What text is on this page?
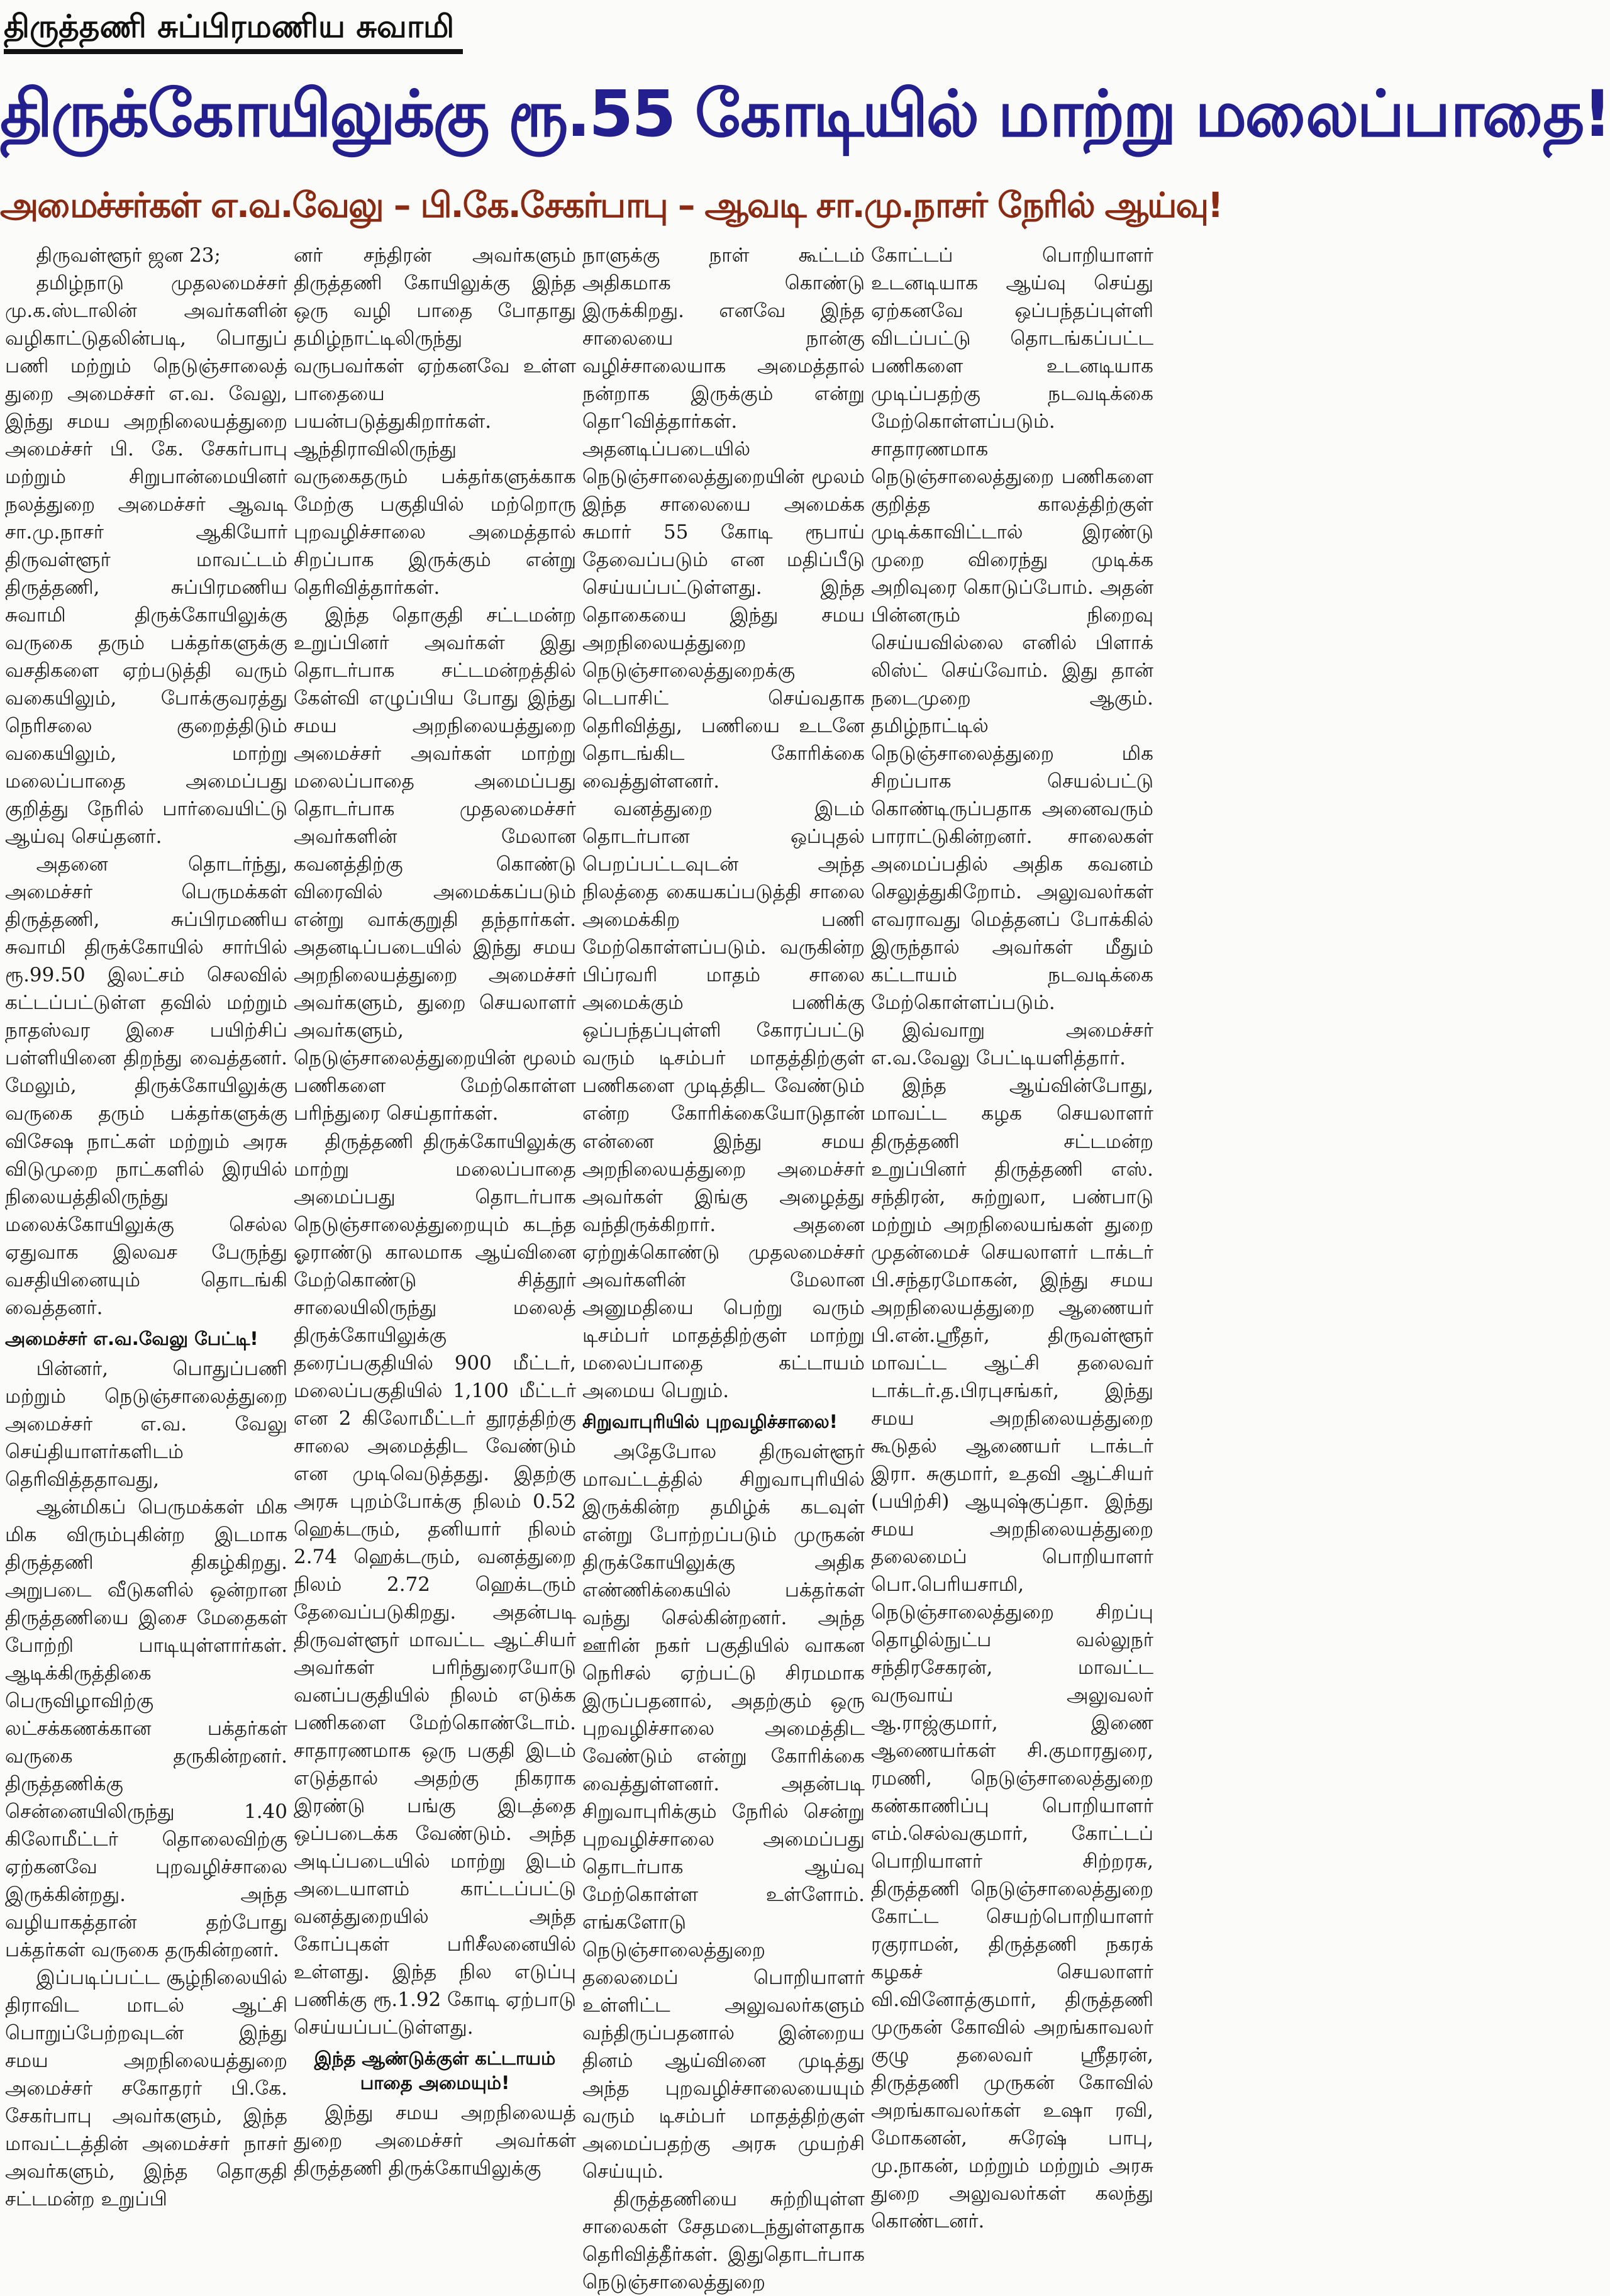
திருத்தணி சுப்பிரமணிய சுவாமி
திருக்கோயிலுக்கு ரூ.55 கோடியில் மாற்று மலைப்பாதை!
அமைச்சர்கள் எ.வ.வேலு – பி.கே.சேகர்பாபு – ஆவடி சா.மு.நாசர் நேரில் ஆய்வு!

திருவள்ளூர் ஜன 23;

தமிழ்நாடு முதலமைச்சர் மு.க.ஸ்டாலின் அவர்களின் வழிகாட்டுதலின்படி, பொதுப் பணி மற்றும் நெடுஞ்சாலைத் துறை அமைச்சர் எ.வ. வேலு, இந்து சமய அறநிலையத்துறை அமைச்சர் பி. கே. சேகர்பாபு மற்றும் சிறுபான்மையினர் நலத்துறை அமைச்சர் ஆவடி சா.மு.நாசர் ஆகியோர் திருவள்ளூர் மாவட்டம் திருத்தணி, சுப்பிரமணிய சுவாமி திருக்கோயிலுக்கு வருகை தரும் பக்தர்களுக்கு வசதிகளை ஏற்படுத்தி வரும் வகையிலும், போக்குவரத்து நெரிசலை குறைத்திடும் வகையிலும், மாற்று மலைப்பாதை அமைப்பது குறித்து நேரில் பார்வையிட்டு ஆய்வு செய்தனர்.

அதனை தொடர்ந்து, அமைச்சர் பெருமக்கள் திருத்தணி, சுப்பிரமணிய சுவாமி திருக்கோயில் சார்பில் ரூ.99.50 இலட்சம் செலவில் கட்டப்பட்டுள்ள தவில் மற்றும் நாதஸ்வர இசை பயிற்சிப் பள்ளியினை திறந்து வைத்தனர். மேலும், திருக்கோயிலுக்கு வருகை தரும் பக்தர்களுக்கு விசேஷ நாட்கள் மற்றும் அரசு விடுமுறை நாட்களில் இரயில் நிலையத்திலிருந்து மலைக்கோயிலுக்கு செல்ல ஏதுவாக இலவச பேருந்து வசதியினையும் தொடங்கி வைத்தனர்.

அமைச்சர் எ.வ.வேலு பேட்டி!

பின்னர், பொதுப்பணி மற்றும் நெடுஞ்சாலைத்துறை அமைச்சர் எ.வ. வேலு செய்தியாளர்களிடம் தெரிவித்ததாவது,

ஆன்மிகப் பெருமக்கள் மிக மிக விரும்புகின்ற இடமாக திருத்தணி திகழ்கிறது. அறுபடை வீடுகளில் ஒன்றான திருத்தணியை இசை மேதைகள் போற்றி பாடியுள்ளார்கள். ஆடிக்கிருத்திகை பெருவிழாவிற்கு லட்சக்கணக்கான பக்தர்கள் வருகை தருகின்றனர். திருத்தணிக்கு சென்னையிலிருந்து 1.40 கிலோமீட்டர் தொலைவிற்கு ஏற்கனவே புறவழிச்சாலை இருக்கின்றது. அந்த வழியாகத்தான் தற்போது பக்தர்கள் வருகை தருகின்றனர்.

இப்படிப்பட்ட சூழ்நிலையில் திராவிட மாடல் ஆட்சி பொறுப்பேற்றவுடன் இந்து சமய அறநிலையத்துறை அமைச்சர் சகோதரர் பி.கே. சேகர்பாபு அவர்களும், இந்த மாவட்டத்தின் அமைச்சர் நாசர் அவர்களும், இந்த தொகுதி சட்டமன்ற உறுப்பி

னர் சந்திரன் அவர்களும் திருத்தணி கோயிலுக்கு இந்த ஒரு வழி பாதை போதாது தமிழ்நாட்டிலிருந்து வருபவர்கள் ஏற்கனவே உள்ள பாதையை பயன்படுத்துகிறார்கள். ஆந்திராவிலிருந்து வருகைதரும் பக்தர்களுக்காக மேற்கு பகுதியில் மற்றொரு புறவழிச்சாலை அமைத்தால் சிறப்பாக இருக்கும் என்று தெரிவித்தார்கள்.

இந்த தொகுதி சட்டமன்ற உறுப்பினர் அவர்கள் இது தொடர்பாக சட்டமன்றத்தில் கேள்வி எழுப்பிய போது இந்து சமய அறநிலையத்துறை அமைச்சர் அவர்கள் மாற்று மலைப்பாதை அமைப்பது தொடர்பாக முதலமைச்சர் அவர்களின் மேலான கவனத்திற்கு கொண்டு விரைவில் அமைக்கப்படும் என்று வாக்குறுதி தந்தார்கள். அதனடிப்படையில் இந்து சமய அறநிலையத்துறை அமைச்சர் அவர்களும், துறை செயலாளர் அவர்களும், நெடுஞ்சாலைத்துறையின் மூலம் பணிகளை மேற்கொள்ள பரிந்துரை செய்தார்கள்.

திருத்தணி திருக்கோயிலுக்கு மாற்று மலைப்பாதை அமைப்பது தொடர்பாக நெடுஞ்சாலைத்துறையும் கடந்த ஓராண்டு காலமாக ஆய்வினை மேற்கொண்டு சித்தூர் சாலையிலிருந்து மலைத் திருக்கோயிலுக்கு தரைப்பகுதியில் 900 மீட்டர், மலைப்பகுதியில் 1,100 மீட்டர் என 2 கிலோமீட்டர் தூரத்திற்கு சாலை அமைத்திட வேண்டும் என முடிவெடுத்தது. இதற்கு அரசு புறம்போக்கு நிலம் 0.52 ஹெக்டரும், தனியார் நிலம் 2.74 ஹெக்டரும், வனத்துறை நிலம் 2.72 ஹெக்டரும் தேவைப்படுகிறது. அதன்படி திருவள்ளூர் மாவட்ட ஆட்சியர் அவர்கள் பரிந்துரையோடு வனப்பகுதியில் நிலம் எடுக்க பணிகளை மேற்கொண்டோம். சாதாரணமாக ஒரு பகுதி இடம் எடுத்தால் அதற்கு நிகராக இரண்டு பங்கு இடத்தை ஒப்படைக்க வேண்டும். அந்த அடிப்படையில் மாற்று இடம் அடையாளம் காட்டப்பட்டு வனத்துறையில் அந்த கோப்புகள் பரிசீலனையில் உள்ளது. இந்த நில எடுப்பு பணிக்கு ரூ.1.92 கோடி ஏற்பாடு செய்யப்பட்டுள்ளது.

இந்த ஆண்டுக்குள் கட்டாயம் பாதை அமையும்!

இந்து சமய அறநிலையத் துறை அமைச்சர் அவர்கள் திருத்தணி திருக்கோயிலுக்கு

நாளுக்கு நாள் கூட்டம் அதிகமாக கொண்டு இருக்கிறது. எனவே இந்த சாலையை நான்கு வழிச்சாலையாக அமைத்தால் நன்றாக இருக்கும் என்று தொிவித்தார்கள். அதனடிப்படையில் நெடுஞ்சாலைத்துறையின் மூலம் இந்த சாலையை அமைக்க சுமார் 55 கோடி ரூபாய் தேவைப்படும் என மதிப்பீடு செய்யப்பட்டுள்ளது. இந்த தொகையை இந்து சமய அறநிலையத்துறை நெடுஞ்சாலைத்துறைக்கு டெபாசிட் செய்வதாக தெரிவித்து, பணியை உடனே தொடங்கிட கோரிக்கை வைத்துள்ளனர்.

வனத்துறை இடம் தொடர்பான ஒப்புதல் பெறப்பட்டவுடன் அந்த நிலத்தை கையகப்படுத்தி சாலை அமைக்கிற பணி மேற்கொள்ளப்படும். வருகின்ற பிப்ரவரி மாதம் சாலை அமைக்கும் பணிக்கு ஒப்பந்தப்புள்ளி கோரப்பட்டு வரும் டிசம்பர் மாதத்திற்குள் பணிகளை முடித்திட வேண்டும் என்ற கோரிக்கையோடுதான் என்னை இந்து சமய அறநிலையத்துறை அமைச்சர் அவர்கள் இங்கு அழைத்து வந்திருக்கிறார். அதனை ஏற்றுக்கொண்டு முதலமைச்சர் அவர்களின் மேலான அனுமதியை பெற்று வரும் டிசம்பர் மாதத்திற்குள் மாற்று மலைப்பாதை கட்டாயம் அமைய பெறும்.

சிறுவாபுரியில் புறவழிச்சாலை!

அதேபோல திருவள்ளூர் மாவட்டத்தில் சிறுவாபுரியில் இருக்கின்ற தமிழ்க் கடவுள் என்று போற்றப்படும் முருகன் திருக்கோயிலுக்கு அதிக எண்ணிக்கையில் பக்தர்கள் வந்து செல்கின்றனர். அந்த ஊரின் நகர் பகுதியில் வாகன நெரிசல் ஏற்பட்டு சிரமமாக இருப்பதனால், அதற்கும் ஒரு புறவழிச்சாலை அமைத்திட வேண்டும் என்று கோரிக்கை வைத்துள்ளனர். அதன்படி சிறுவாபுரிக்கும் நேரில் சென்று புறவழிச்சாலை அமைப்பது தொடர்பாக ஆய்வு மேற்கொள்ள உள்ளோம். எங்களோடு நெடுஞ்சாலைத்துறை தலைமைப் பொறியாளர் உள்ளிட்ட அலுவலர்களும் வந்திருப்பதனால் இன்றைய தினம் ஆய்வினை முடித்து அந்த புறவழிச்சாலையையும் வரும் டிசம்பர் மாதத்திற்குள் அமைப்பதற்கு அரசு முயற்சி செய்யும்.

திருத்தணியை சுற்றியுள்ள சாலைகள் சேதமடைந்துள்ளதாக தெரிவித்தீர்கள். இதுதொடர்பாக நெடுஞ்சாலைத்துறை

கோட்டப் பொறியாளர் உடனடியாக ஆய்வு செய்து ஏற்கனவே ஒப்பந்தப்புள்ளி விடப்பட்டு தொடங்கப்பட்ட பணிகளை உடனடியாக முடிப்பதற்கு நடவடிக்கை மேற்கொள்ளப்படும். சாதாரணமாக நெடுஞ்சாலைத்துறை பணிகளை குறித்த காலத்திற்குள் முடிக்காவிட்டால் இரண்டு முறை விரைந்து முடிக்க அறிவுரை கொடுப்போம். அதன் பின்னரும் நிறைவு செய்யவில்லை எனில் பிளாக் லிஸ்ட் செய்வோம். இது தான் நடைமுறை ஆகும். தமிழ்நாட்டில் நெடுஞ்சாலைத்துறை மிக சிறப்பாக செயல்பட்டு கொண்டிருப்பதாக அனைவரும் பாராட்டுகின்றனர். சாலைகள் அமைப்பதில் அதிக கவனம் செலுத்துகிறோம். அலுவலர்கள் எவராவது மெத்தனப் போக்கில் இருந்தால் அவர்கள் மீதும் கட்டாயம் நடவடிக்கை மேற்கொள்ளப்படும்.

இவ்வாறு அமைச்சர் எ.வ.வேலு பேட்டியளித்தார்.

இந்த ஆய்வின்போது, மாவட்ட கழக செயலாளர் திருத்தணி சட்டமன்ற உறுப்பினர் திருத்தணி எஸ். சந்திரன், சுற்றுலா, பண்பாடு மற்றும் அறநிலையங்கள் துறை முதன்மைச் செயலாளர் டாக்டர் பி.சந்தரமோகன், இந்து சமய அறநிலையத்துறை ஆணையர் பி.என்.ஸ்ரீதர், திருவள்ளூர் மாவட்ட ஆட்சி தலைவர் டாக்டர்.த.பிரபுசங்கர், இந்து சமய அறநிலையத்துறை கூடுதல் ஆணையர் டாக்டர் இரா. சுகுமார், உதவி ஆட்சியர் (பயிற்சி) ஆயுஷ்குப்தா. இந்து சமய அறநிலையத்துறை தலைமைப் பொறியாளர் பொ.பெரியசாமி, நெடுஞ்சாலைத்துறை சிறப்பு தொழில்நுட்ப வல்லுநர் சந்திரசேகரன், மாவட்ட வருவாய் அலுவலர் ஆ.ராஜ்குமார், இணை ஆணையர்கள் சி.குமாரதுரை, ரமணி, நெடுஞ்சாலைத்துறை கண்காணிப்பு பொறியாளர் எம்.செல்வகுமார், கோட்டப் பொறியாளர் சிற்றரசு, திருத்தணி நெடுஞ்சாலைத்துறை கோட்ட செயற்பொறியாளர் ரகுராமன், திருத்தணி நகரக் கழகச் செயலாளர் வி.வினோத்குமார், திருத்தணி முருகன் கோவில் அறங்காவலர் குழு தலைவர் ஸ்ரீதரன், திருத்தணி முருகன் கோவில் அறங்காவலர்கள் உஷா ரவி, மோகனன், சுரேஷ் பாபு, மு.நாகன், மற்றும் மற்றும் அரசு துறை அலுவலர்கள் கலந்து கொண்டனர்.
